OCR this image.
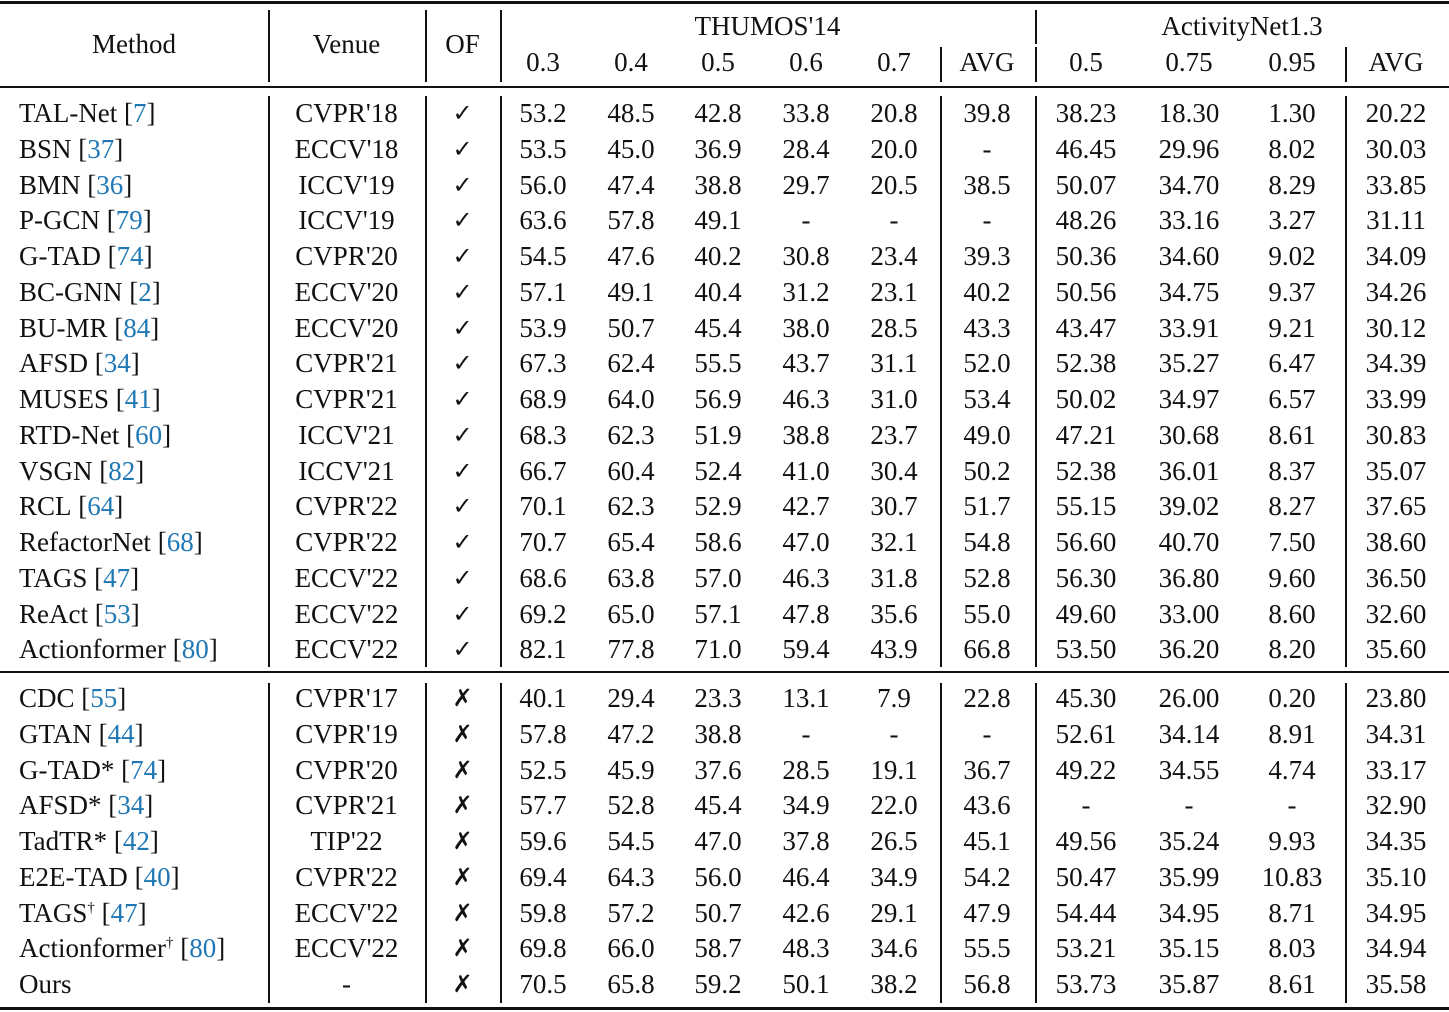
Method	Venue	OF
THUMOS'14	ActivityNet1.3
0.3	0.4	0.5	0.6	0.7	AVG	0.5	0.75	0.95	AVG
TAL-Net [7]	CVPR'18	✓	53.2	48.5	42.8	33.8	20.8	39.8	38.23	18.30	1.30	20.22
BSN [37]	ECCV'18	✓	53.5	45.0	36.9	28.4	20.0	-	46.45	29.96	8.02	30.03
BMN [36]	ICCV'19	✓	56.0	47.4	38.8	29.7	20.5	38.5	50.07	34.70	8.29	33.85
P-GCN [79]	ICCV'19	✓	63.6	57.8	49.1	-	-	-	48.26	33.16	3.27	31.11
G-TAD [74]	CVPR'20	✓	54.5	47.6	40.2	30.8	23.4	39.3	50.36	34.60	9.02	34.09
BC-GNN [2]	ECCV'20	✓	57.1	49.1	40.4	31.2	23.1	40.2	50.56	34.75	9.37	34.26
BU-MR [84]	ECCV'20	✓	53.9	50.7	45.4	38.0	28.5	43.3	43.47	33.91	9.21	30.12
AFSD [34]	CVPR'21	✓	67.3	62.4	55.5	43.7	31.1	52.0	52.38	35.27	6.47	34.39
MUSES [41]	CVPR'21	✓	68.9	64.0	56.9	46.3	31.0	53.4	50.02	34.97	6.57	33.99
RTD-Net [60]	ICCV'21	✓	68.3	62.3	51.9	38.8	23.7	49.0	47.21	30.68	8.61	30.83
VSGN [82]	ICCV'21	✓	66.7	60.4	52.4	41.0	30.4	50.2	52.38	36.01	8.37	35.07
RCL [64]	CVPR'22	✓	70.1	62.3	52.9	42.7	30.7	51.7	55.15	39.02	8.27	37.65
RefactorNet [68]	CVPR'22	✓	70.7	65.4	58.6	47.0	32.1	54.8	56.60	40.70	7.50	38.60
TAGS [47]	ECCV'22	✓	68.6	63.8	57.0	46.3	31.8	52.8	56.30	36.80	9.60	36.50
ReAct [53]	ECCV'22	✓	69.2	65.0	57.1	47.8	35.6	55.0	49.60	33.00	8.60	32.60
Actionformer [80]	ECCV'22	✓	82.1	77.8	71.0	59.4	43.9	66.8	53.50	36.20	8.20	35.60
CDC [55]	CVPR'17	✗	40.1	29.4	23.3	13.1	7.9	22.8	45.30	26.00	0.20	23.80
GTAN [44]	CVPR'19	✗	57.8	47.2	38.8	-	-	-	52.61	34.14	8.91	34.31
G-TAD* [74]	CVPR'20	✗	52.5	45.9	37.6	28.5	19.1	36.7	49.22	34.55	4.74	33.17
AFSD* [34]	CVPR'21	✗	57.7	52.8	45.4	34.9	22.0	43.6	-	-	-	32.90
TadTR* [42]	TIP'22	✗	59.6	54.5	47.0	37.8	26.5	45.1	49.56	35.24	9.93	34.35
E2E-TAD [40]	CVPR'22	✗	69.4	64.3	56.0	46.4	34.9	54.2	50.47	35.99	10.83	35.10
TAGS† [47]	ECCV'22	✗	59.8	57.2	50.7	42.6	29.1	47.9	54.44	34.95	8.71	34.95
Actionformer† [80]	ECCV'22	✗	69.8	66.0	58.7	48.3	34.6	55.5	53.21	35.15	8.03	34.94
Ours	-	✗	70.5	65.8	59.2	50.1	38.2	56.8	53.73	35.87	8.61	35.58
